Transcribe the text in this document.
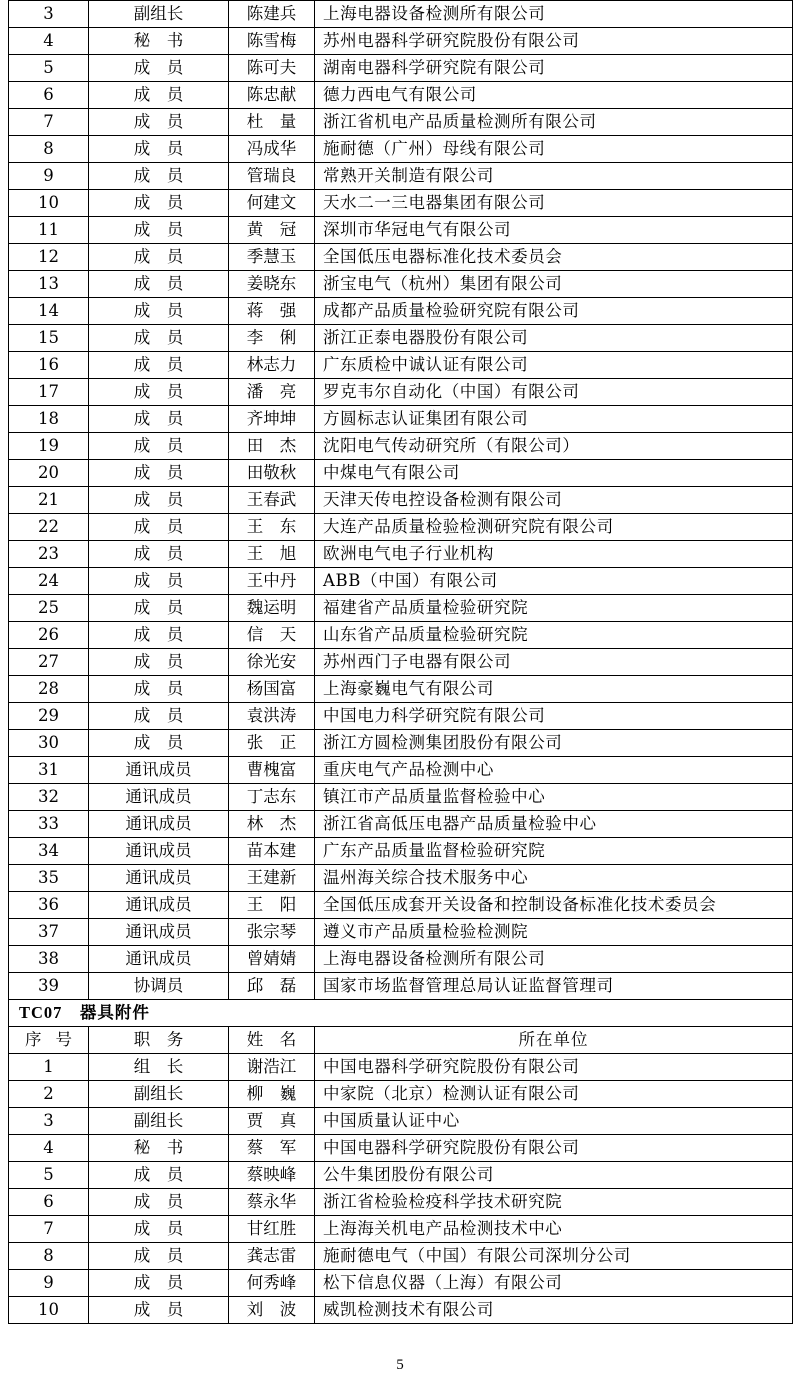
3	副组长	陈建兵	上海电器设备检测所有限公司
4	秘　书	陈雪梅	苏州电器科学研究院股份有限公司
5	成　员	陈可夫	湖南电器科学研究院有限公司
6	成　员	陈忠献	德力西电气有限公司
7	成　员	杜　量	浙江省机电产品质量检测所有限公司
8	成　员	冯成华	施耐德（广州）母线有限公司
9	成　员	管瑞良	常熟开关制造有限公司
10	成　员	何建文	天水二一三电器集团有限公司
11	成　员	黄　冠	深圳市华冠电气有限公司
12	成　员	季慧玉	全国低压电器标准化技术委员会
13	成　员	姜晓东	浙宝电气（杭州）集团有限公司
14	成　员	蒋　强	成都产品质量检验研究院有限公司
15	成　员	李　俐	浙江正泰电器股份有限公司
16	成　员	林志力	广东质检中诚认证有限公司
17	成　员	潘　亮	罗克韦尔自动化（中国）有限公司
18	成　员	齐坤坤	方圆标志认证集团有限公司
19	成　员	田　杰	沈阳电气传动研究所（有限公司）
20	成　员	田敬秋	中煤电气有限公司
21	成　员	王春武	天津天传电控设备检测有限公司
22	成　员	王　东	大连产品质量检验检测研究院有限公司
23	成　员	王　旭	欧洲电气电子行业机构
24	成　员	王中丹	ABB（中国）有限公司
25	成　员	魏运明	福建省产品质量检验研究院
26	成　员	信　天	山东省产品质量检验研究院
27	成　员	徐光安	苏州西门子电器有限公司
28	成　员	杨国富	上海豪巍电气有限公司
29	成　员	袁洪涛	中国电力科学研究院有限公司
30	成　员	张　正	浙江方圆检测集团股份有限公司
31	通讯成员	曹槐富	重庆电气产品检测中心
32	通讯成员	丁志东	镇江市产品质量监督检验中心
33	通讯成员	林　杰	浙江省高低压电器产品质量检验中心
34	通讯成员	苗本建	广东产品质量监督检验研究院
35	通讯成员	王建新	温州海关综合技术服务中心
36	通讯成员	王　阳	全国低压成套开关设备和控制设备标准化技术委员会
37	通讯成员	张宗琴	遵义市产品质量检验检测院
38	通讯成员	曾婧婧	上海电器设备检测所有限公司
39	协调员	邱　磊	国家市场监督管理总局认证监督管理司
TC07　器具附件			
序号	职　务	姓　名	所在单位
1	组　长	谢浩江	中国电器科学研究院股份有限公司
2	副组长	柳　巍	中家院（北京）检测认证有限公司
3	副组长	贾　真	中国质量认证中心
4	秘　书	蔡　军	中国电器科学研究院股份有限公司
5	成　员	蔡映峰	公牛集团股份有限公司
6	成　员	蔡永华	浙江省检验检疫科学技术研究院
7	成　员	甘红胜	上海海关机电产品检测技术中心
8	成　员	龚志雷	施耐德电气（中国）有限公司深圳分公司
9	成　员	何秀峰	松下信息仪器（上海）有限公司
10	成　员	刘　波	威凯检测技术有限公司
5
